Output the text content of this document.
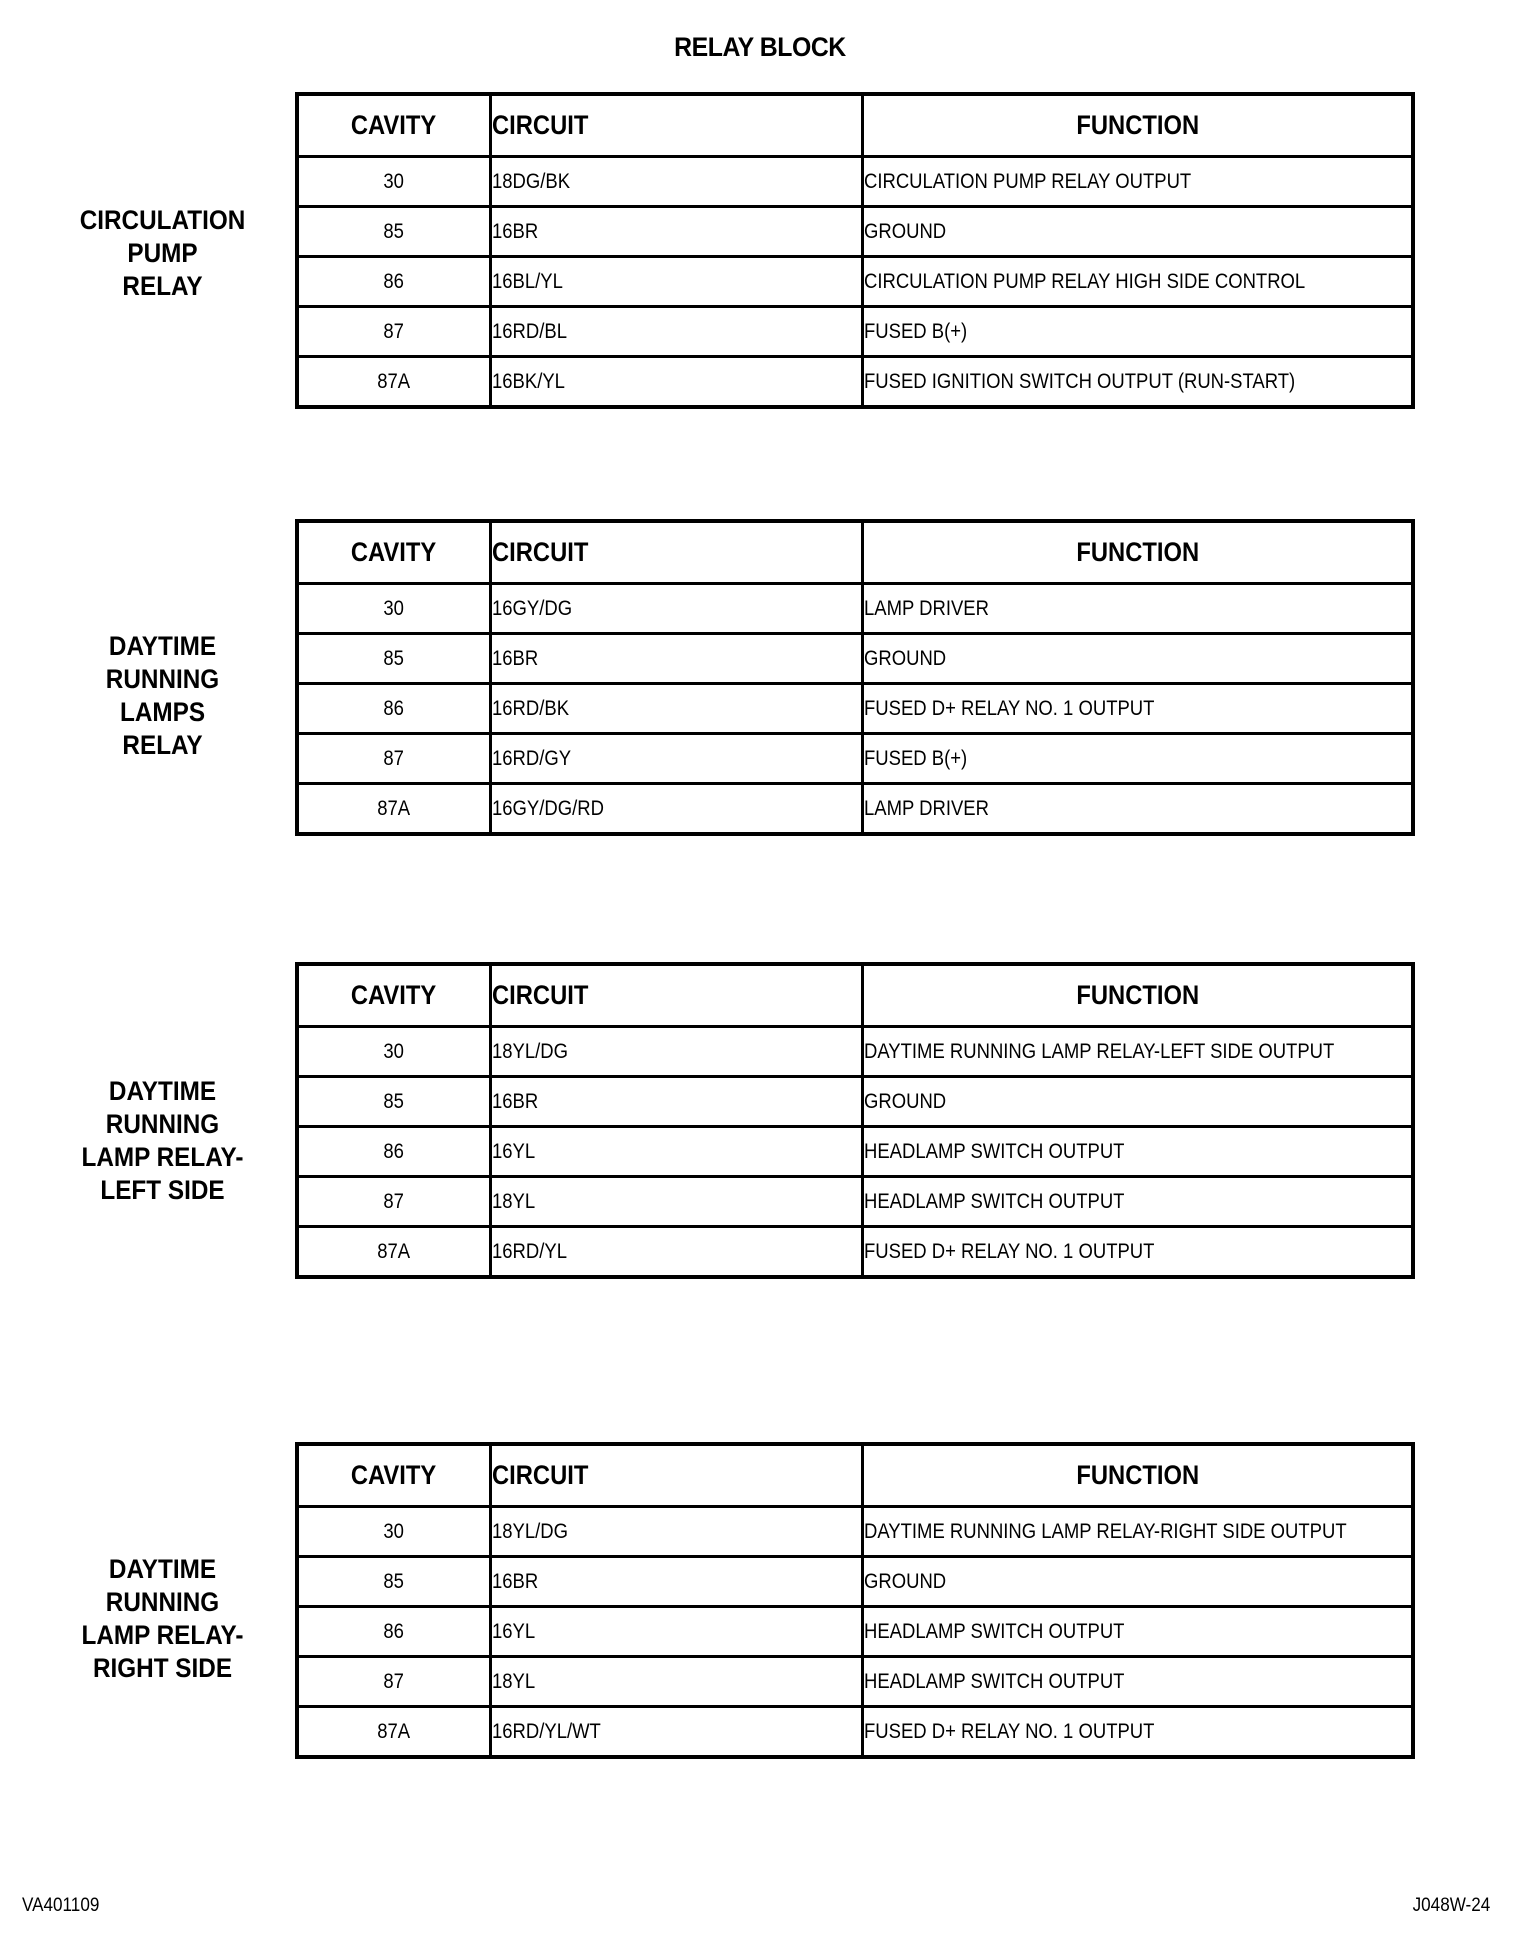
RELAY BLOCK
CIRCULATION
PUMP
RELAY
CAVITY	CIRCUIT	FUNCTION
30	18DG/BK	CIRCULATION PUMP RELAY OUTPUT
85	16BR	GROUND
86	16BL/YL	CIRCULATION PUMP RELAY HIGH SIDE CONTROL
87	16RD/BL	FUSED B(+)
87A	16BK/YL	FUSED IGNITION SWITCH OUTPUT (RUN-START)
DAYTIME
RUNNING
LAMPS
RELAY
CAVITY	CIRCUIT	FUNCTION
30	16GY/DG	LAMP DRIVER
85	16BR	GROUND
86	16RD/BK	FUSED D+ RELAY NO. 1 OUTPUT
87	16RD/GY	FUSED B(+)
87A	16GY/DG/RD	LAMP DRIVER
DAYTIME
RUNNING
LAMP RELAY-
LEFT SIDE
CAVITY	CIRCUIT	FUNCTION
30	18YL/DG	DAYTIME RUNNING LAMP RELAY-LEFT SIDE OUTPUT
85	16BR	GROUND
86	16YL	HEADLAMP SWITCH OUTPUT
87	18YL	HEADLAMP SWITCH OUTPUT
87A	16RD/YL	FUSED D+ RELAY NO. 1 OUTPUT
DAYTIME
RUNNING
LAMP RELAY-
RIGHT SIDE
CAVITY	CIRCUIT	FUNCTION
30	18YL/DG	DAYTIME RUNNING LAMP RELAY-RIGHT SIDE OUTPUT
85	16BR	GROUND
86	16YL	HEADLAMP SWITCH OUTPUT
87	18YL	HEADLAMP SWITCH OUTPUT
87A	16RD/YL/WT	FUSED D+ RELAY NO. 1 OUTPUT
VA401109	J048W-24
